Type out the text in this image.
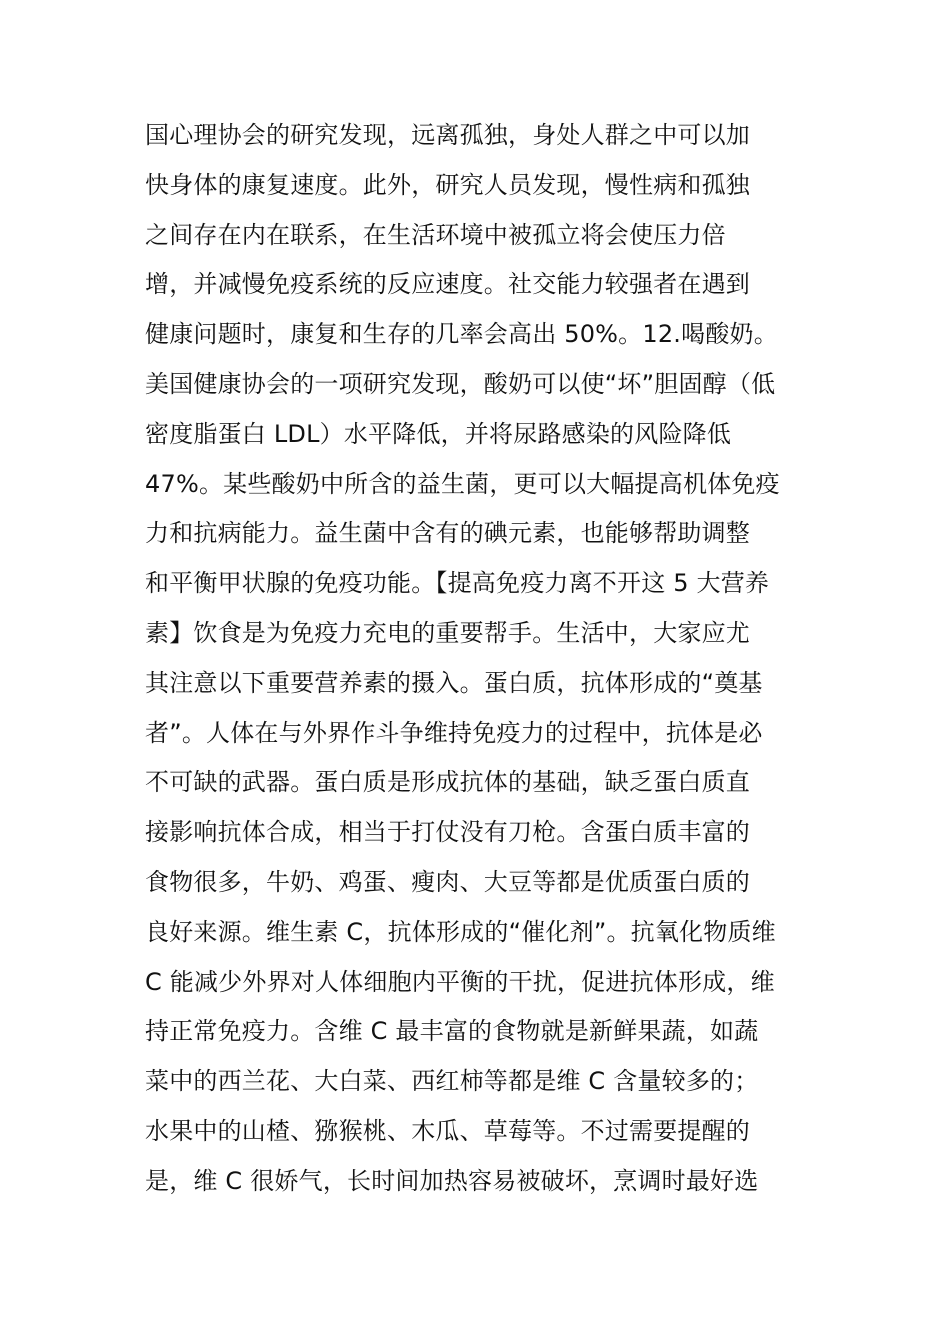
国心理协会的研究发现，远离孤独，身处人群之中可以加
快身体的康复速度。此外，研究人员发现，慢性病和孤独
之间存在内在联系，在生活环境中被孤立将会使压力倍
增，并减慢免疫系统的反应速度。社交能力较强者在遇到
健康问题时，康复和生存的几率会高出 50%。12.喝酸奶。
美国健康协会的一项研究发现，酸奶可以使“坏”胆固醇（低
密度脂蛋白 LDL）水平降低，并将尿路感染的风险降低
47%。某些酸奶中所含的益生菌，更可以大幅提高机体免疫
力和抗病能力。益生菌中含有的碘元素，也能够帮助调整
和平衡甲状腺的免疫功能。【提高免疫力离不开这 5 大营养
素】饮食是为免疫力充电的重要帮手。生活中，大家应尤
其注意以下重要营养素的摄入。蛋白质，抗体形成的“奠基
者”。人体在与外界作斗争维持免疫力的过程中，抗体是必
不可缺的武器。蛋白质是形成抗体的基础，缺乏蛋白质直
接影响抗体合成，相当于打仗没有刀枪。含蛋白质丰富的
食物很多，牛奶、鸡蛋、瘦肉、大豆等都是优质蛋白质的
良好来源。维生素 C，抗体形成的“催化剂”。抗氧化物质维
C 能减少外界对人体细胞内平衡的干扰，促进抗体形成，维
持正常免疫力。含维 C 最丰富的食物就是新鲜果蔬，如蔬
菜中的西兰花、大白菜、西红柿等都是维 C 含量较多的；
水果中的山楂、猕猴桃、木瓜、草莓等。不过需要提醒的
是，维 C 很娇气，长时间加热容易被破坏，烹调时最好选
